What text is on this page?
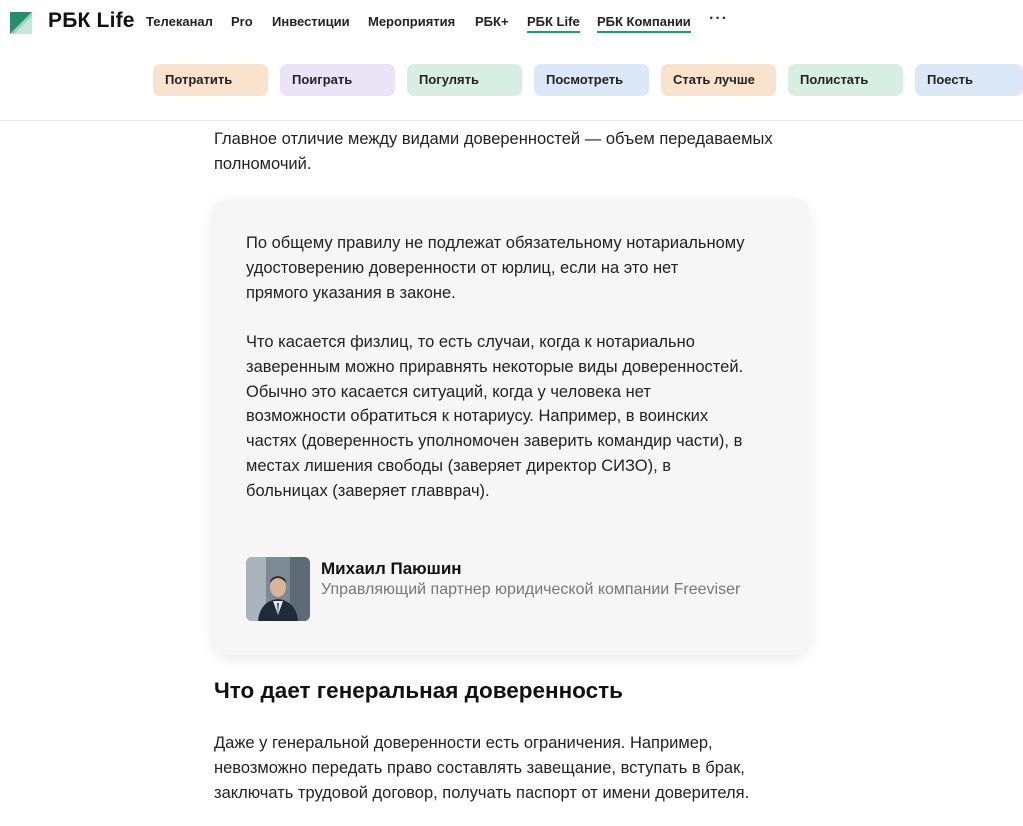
РБК Life Телеканал Pro Инвестиции Мероприятия РБК+ РБК Life РБК Компании ···
Потратить	Поиграть	Погулять	Посмотреть	Стать лучше	Полистать	Поесть
Главное отличие между видами доверенностей — объем передаваемых
полномочий.
По общему правилу не подлежат обязательному нотариальному
удостоверению доверенности от юрлиц, если на это нет
прямого указания в законе.
Что касается физлиц, то есть случаи, когда к нотариально
заверенным можно приравнять некоторые виды доверенностей.
Обычно это касается ситуаций, когда у человека нет
возможности обратиться к нотариусу. Например, в воинских
частях (доверенность уполномочен заверить командир части), в
местах лишения свободы (заверяет директор СИЗО), в
больницах (заверяет главврач).
Михаил Паюшин
Управляющий партнер юридической компании Freeviser
Что дает генеральная доверенность
Даже у генеральной доверенности есть ограничения. Например,
невозможно передать право составлять завещание, вступать в брак,
заключать трудовой договор, получать паспорт от имени доверителя.
